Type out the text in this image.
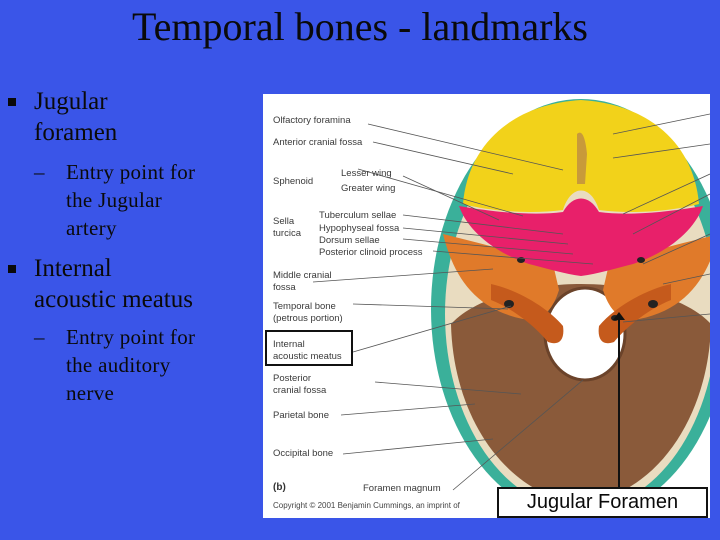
Temporal bones - landmarks
Jugular
foramen
– Entry point for
the Jugular
artery
Internal
acoustic meatus
– Entry point for
the auditory
nerve
Olfactory foramina
Anterior cranial fossa
Sphenoid
Lesser wing
Greater wing
Sella
turcica
Tuberculum sellae
Hypophyseal fossa
Dorsum sellae
Posterior clinoid process
Middle cranial
fossa
Temporal bone
(petrous portion)
Internal
acoustic meatus
Posterior
cranial fossa
Parietal bone
Occipital bone
Foramen magnum
(b)
Copyright © 2001 Benjamin Cummings, an imprint of	Jugular Foramen
